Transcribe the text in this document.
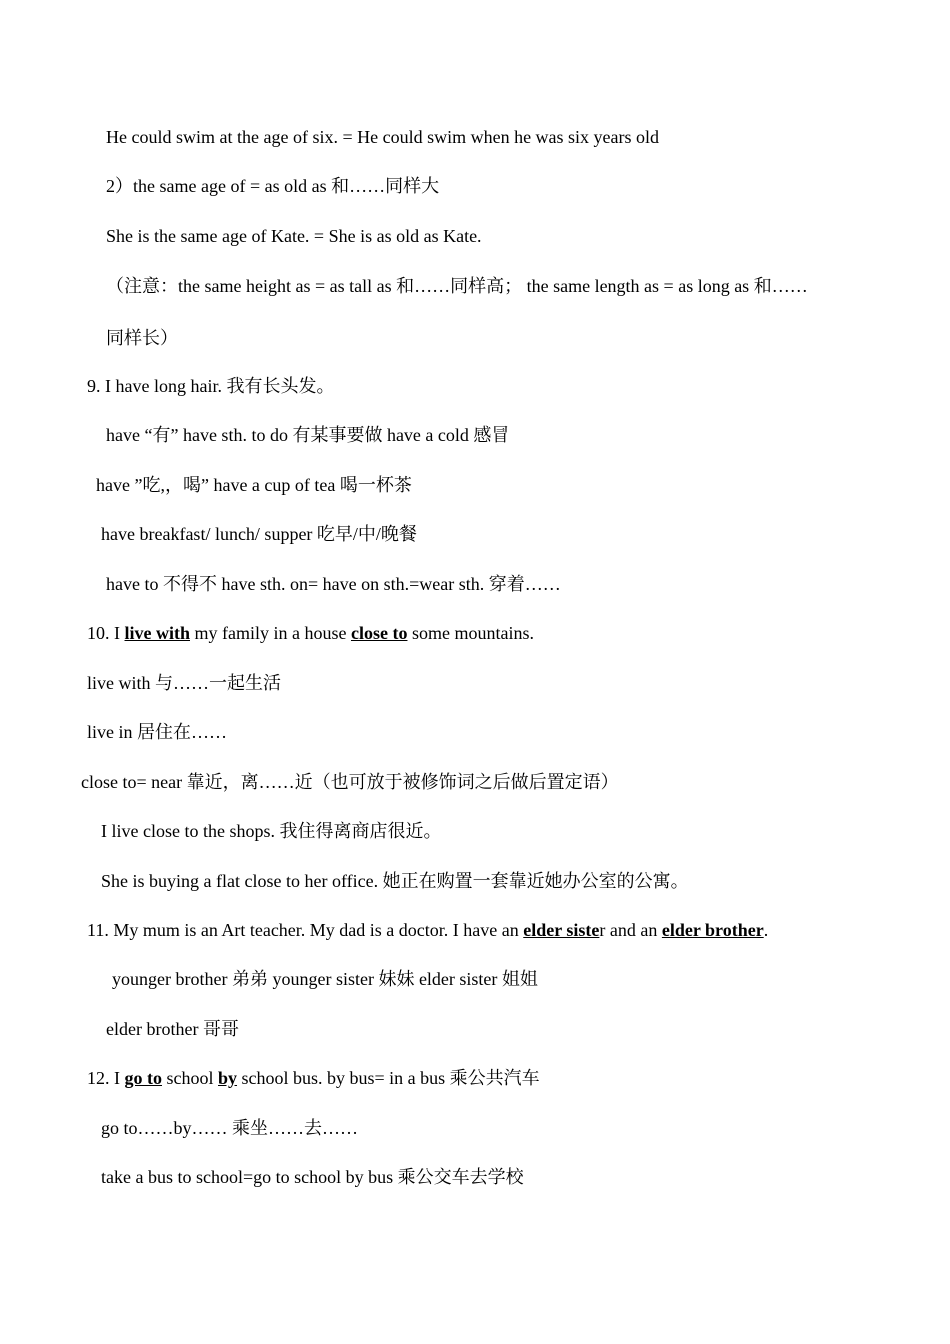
He could swim at the age of six. = He could swim when he was six years old

2）the same age of = as old as 和……同样大

She is the same age of Kate. = She is as old as Kate.

（注意：the same height as = as tall as 和……同样高； the same length as = as long as 和……

同样长）

9. I have long hair. 我有长头发。

have “有” have sth. to do 有某事要做 have a cold 感冒

have ”吃,，喝” have a cup of tea 喝一杯茶

have breakfast/ lunch/ supper 吃早/中/晚餐

have to 不得不 have sth. on= have on sth.=wear sth. 穿着……

10. I live with my family in a house close to some mountains.

live with 与……一起生活

live in 居住在……

close to= near 靠近，离……近（也可放于被修饰词之后做后置定语）

I live close to the shops. 我住得离商店很近。

She is buying a flat close to her office. 她正在购置一套靠近她办公室的公寓。

11. My mum is an Art teacher. My dad is a doctor. I have an elder sister and an elder brother.

younger brother 弟弟 younger sister 妹妹 elder sister 姐姐

elder brother 哥哥

12. I go to school by school bus. by bus= in a bus 乘公共汽车

go to……by…… 乘坐……去……

take a bus to school=go to school by bus 乘公交车去学校
